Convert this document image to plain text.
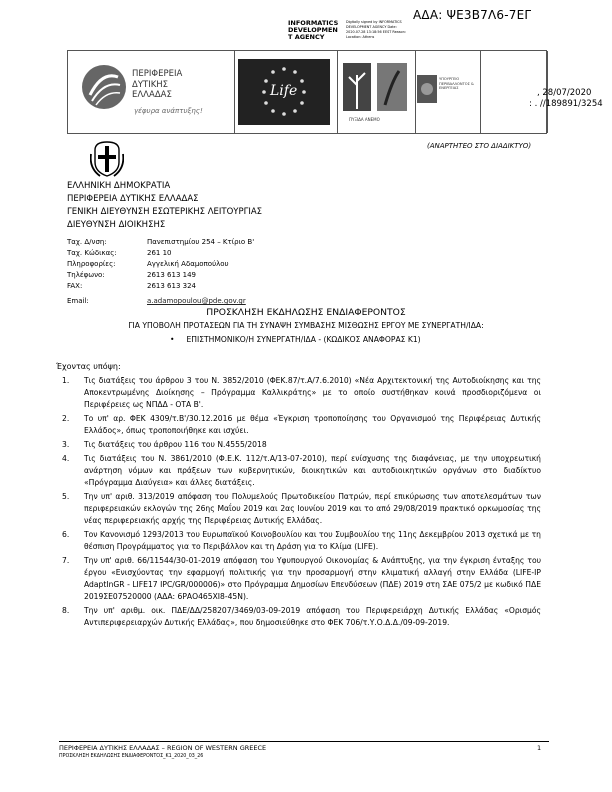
ΑΔΑ: ΨΕ3Β7Λ6-7ΕΓ
INFORMATICS
DEVELOPMEN
T AGENCY
Digitally signed by INFORMATICS DEVELOPMENT AGENCY Date: 2020.07.28 13:18:56 EEST Reason: Location: Athens
ΠΕΡΙΦΕΡΕΙΑ
ΔΥΤΙΚΗΣ
ΕΛΛΑΔΑΣ
γέφυρα ανάπτυξης!
Life
ΠΥΞΙΔΑ ΑΝΕΜΟ
ΥΠΟΥΡΓΕΙΟ ΠΕΡΙΒΑΛΛΟΝΤΟΣ & ΕΝΕΡΓΕΙΑΣ	, 28/07/2020
: . //189891/3254
(ΑΝΑΡΤΗΤΕΟ ΣΤΟ ΔΙΑΔΙΚΤΥΟ)
ΕΛΛΗΝΙΚΗ ΔΗΜΟΚΡΑΤΙΑ
ΠΕΡΙΦΕΡΕΙΑ ΔΥΤΙΚΗΣ ΕΛΛΑΔΑΣ
ΓΕΝΙΚΗ ΔΙΕΥΘΥΝΣΗ ΕΣΩΤΕΡΙΚΗΣ ΛΕΙΤΟΥΡΓΙΑΣ
ΔΙΕΥΘΥΝΣΗ ΔΙΟΙΚΗΣΗΣ
Ταχ. Δ/νση:	Πανεπιστημίου 254 – Κτίριο Β'
Ταχ. Κώδικας:	261 10
Πληροφορίες:	Αγγελική Αδαμοπούλου
Τηλέφωνο:	2613 613 149
FAX:	2613 613 324
Email:	a.adamopoulou@pde.gov.gr
ΠΡΟΣΚΛΗΣΗ ΕΚΔΗΛΩΣΗΣ ΕΝΔΙΑΦΕΡΟΝΤΟΣ
ΓΙΑ ΥΠΟΒΟΛΗ ΠΡΟΤΑΣΕΩΝ ΓΙΑ ΤΗ ΣΥΝΑΨΗ ΣΥΜΒΑΣΗΣ ΜΙΣΘΩΣΗΣ ΕΡΓΟΥ ΜΕ ΣΥΝΕΡΓΑΤΗ/ΙΔΑ:
• ΕΠΙΣΤΗΜΟΝΙΚΟ/Η ΣΥΝΕΡΓΑΤΗ/ΙΔΑ - (ΚΩΔΙΚΟΣ ΑΝΑΦΟΡΑΣ Κ1)
Έχοντας υπόψη:
1. Τις διατάξεις του άρθρου 3 του Ν. 3852/2010 (ΦΕΚ.87/τ.Α/7.6.2010) «Νέα Αρχιτεκτονική της Αυτοδιοίκησης και της Αποκεντρωμένης Διοίκησης – Πρόγραμμα Καλλικράτης» με το οποίο συστήθηκαν κοινά προσδιοριζόμενα οι Περιφέρειες ως ΝΠΔΔ - ΟΤΑ Β'.
2. Το υπ' αρ. ΦΕΚ 4309/τ.Β'/30.12.2016 με θέμα «Έγκριση τροποποίησης του Οργανισμού της Περιφέρειας Δυτικής Ελλάδος», όπως τροποποιήθηκε και ισχύει.
3. Τις διατάξεις του άρθρου 116 του Ν.4555/2018
4. Τις διατάξεις του Ν. 3861/2010 (Φ.Ε.Κ. 112/τ.Α/13-07-2010), περί ενίσχυσης της διαφάνειας, με την υποχρεωτική ανάρτηση νόμων και πράξεων των κυβερνητικών, διοικητικών και αυτοδιοικητικών οργάνων στο διαδίκτυο «Πρόγραμμα Διαύγεια» και άλλες διατάξεις.
5. Την υπ' αριθ. 313/2019 απόφαση του Πολυμελούς Πρωτοδικείου Πατρών, περί επικύρωσης των αποτελεσμάτων των περιφερειακών εκλογών της 26ης Μαΐου 2019 και 2ας Ιουνίου 2019 και το από 29/08/2019 πρακτικό ορκωμοσίας της νέας περιφερειακής αρχής της Περιφέρειας Δυτικής Ελλάδας.
6. Τον Κανονισμό 1293/2013 του Ευρωπαϊκού Κοινοβουλίου και του Συμβουλίου της 11ης Δεκεμβρίου 2013 σχετικά με τη θέσπιση Προγράμματος για το Περιβάλλον και τη Δράση για το Κλίμα (LIFE).
7. Την υπ' αριθ. 66/11544/30-01-2019 απόφαση του Υφυπουργού Οικονομίας & Ανάπτυξης, για την έγκριση ένταξης του έργου «Ενισχύοντας την εφαρμογή πολιτικής για την προσαρμογή στην κλιματική αλλαγή στην Ελλάδα (LIFE-IP AdaptInGR - LIFE17 IPC/GR/000006)» στο Πρόγραμμα Δημοσίων Επενδύσεων (ΠΔΕ) 2019 στη ΣΑΕ 075/2 με κωδικό ΠΔΕ 2019ΣΕ07520000 (ΑΔΑ: 6ΡΑΟ465ΧΙ8-45Ν).
8. Την υπ' αριθμ. οικ. ΠΔΕ/ΔΔ/258207/3469/03-09-2019 απόφαση του Περιφερειάρχη Δυτικής Ελλάδας «Ορισμός Αντιπεριφερειαρχών Δυτικής Ελλάδας», που δημοσιεύθηκε στο ΦΕΚ 706/τ.Υ.Ο.Δ.Δ./09-09-2019.
ΠΕΡΙΦΕΡΕΙΑ ΔΥΤΙΚΗΣ ΕΛΛΑΔΑΣ – REGION OF WESTERN GREECE
ΠΡΟΣΚΛΗΣΗ ΕΚΔΗΛΩΣΗΣ ΕΝΔΙΑΦΕΡΟΝΤΟΣ_Κ1_2020_03_26
1
